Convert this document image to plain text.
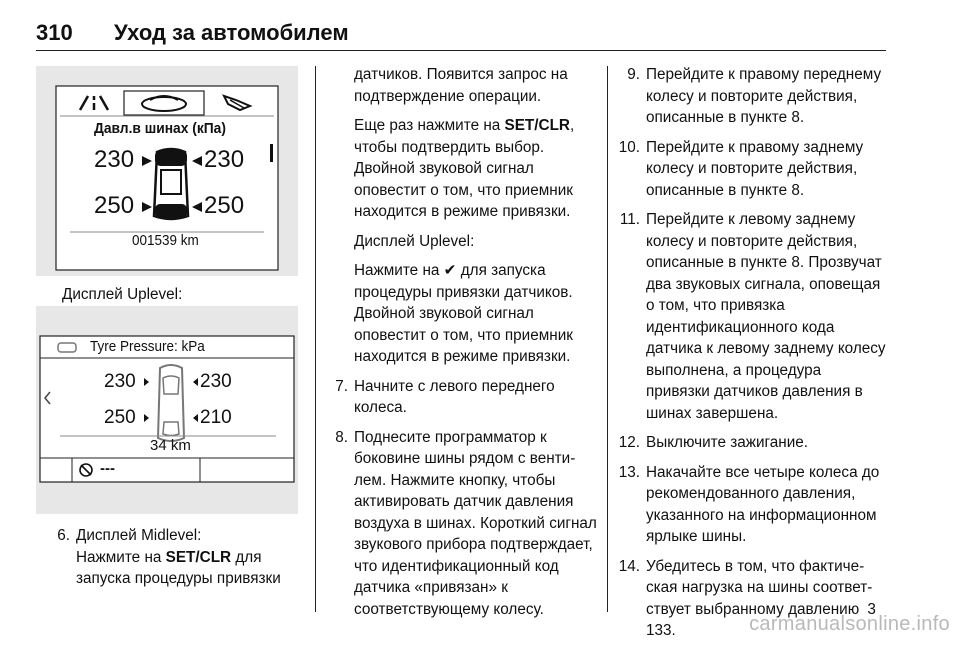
310 Уход за автомобилем
Давл.в шинах (кПа)
230	230
250	250
001539 km
Дисплей Uplevel:
Tyre Pressure: kPa
230	230
250	210
34 km
---
6. Дисплей Midlevel:
Нажмите на SET/CLR для запуска процедуры привязки

датчиков. Появится запрос на подтверждение операции.

Еще раз нажмите на SET/CLR, чтобы подтвердить выбор. Двойной звуковой сигнал оповестит о том, что приемник находится в режиме привязки.

Дисплей Uplevel:

Нажмите на ✔ для запуска процедуры привязки датчиков. Двойной звуковой сигнал оповестит о том, что приемник находится в режиме привязки.

7. Начните с левого переднего колеса.
8. Поднесите программатор к боковине шины рядом с вентилем. Нажмите кнопку, чтобы активировать датчик давления воздуха в шинах. Короткий сигнал звукового прибора подтверждает, что идентификационный код датчика «привязан» к соответствующему колесу.
9. Перейдите к правому переднему колесу и повторите действия, описанные в пункте 8.
10. Перейдите к правому заднему колесу и повторите действия, описанные в пункте 8.
11. Перейдите к левому заднему колесу и повторите действия, описанные в пункте 8. Прозвучат два звуковых сигнала, оповещая о том, что привязка идентификационного кода датчика к левому заднему колесу выполнена, а процедура привязки датчиков давления в шинах завершена.
12. Выключите зажигание.
13. Накачайте все четыре колеса до рекомендованного давления, указанного на информационном ярлыке шины.
14. Убедитесь в том, что фактическая нагрузка на шины соответствует выбранному давлению 3 133.	carmanualsonline.info
